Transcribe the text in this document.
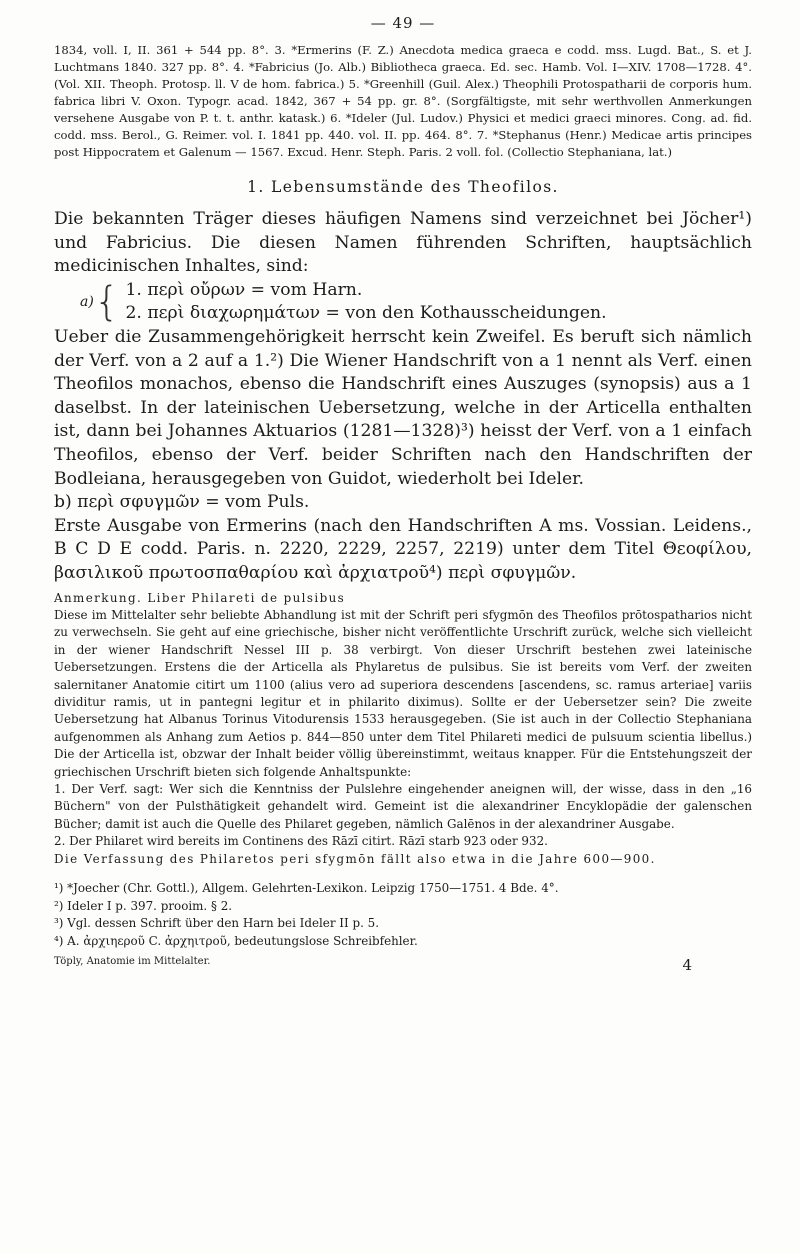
— 49 —

1834, voll. I, II. 361 + 544 pp. 8°. 3. *Ermerins (F. Z.) Anecdota medica graeca e codd. mss. Lugd. Bat., S. et J. Luchtmans 1840. 327 pp. 8°. 4. *Fabricius (Jo. Alb.) Bibliotheca graeca. Ed. sec. Hamb. Vol. I—XIV. 1708—1728. 4°. (Vol. XII. Theoph. Protosp. ll. V de hom. fabrica.) 5. *Greenhill (Guil. Alex.) Theophili Protospatharii de corporis hum. fabrica libri V. Oxon. Typogr. acad. 1842, 367 + 54 pp. gr. 8°. (Sorgfältigste, mit sehr werthvollen Anmerkungen versehene Ausgabe von P. t. t. anthr. katask.) 6. *Ideler (Jul. Ludov.) Physici et medici graeci minores. Cong. ad. fid. codd. mss. Berol., G. Reimer. vol. I. 1841 pp. 440. vol. II. pp. 464. 8°. 7. *Stephanus (Henr.) Medicae artis principes post Hippocratem et Galenum — 1567. Excud. Henr. Steph. Paris. 2 voll. fol. (Collectio Stephaniana, lat.)

1. Lebensumstände des Theofilos.

Die bekannten Träger dieses häufigen Namens sind verzeichnet bei Jöcher¹) und Fabricius. Die diesen Namen führenden Schriften, hauptsächlich medicinischen Inhaltes, sind:

a) { 1. περὶ οὔρων = vom Harn.
2. περὶ διαχωρημάτων = von den Kothausscheidungen.

Ueber die Zusammengehörigkeit herrscht kein Zweifel. Es beruft sich nämlich der Verf. von a 2 auf a 1.²) Die Wiener Handschrift von a 1 nennt als Verf. einen Theofilos monachos, ebenso die Handschrift eines Auszuges (synopsis) aus a 1 daselbst. In der lateinischen Uebersetzung, welche in der Articella enthalten ist, dann bei Johannes Aktuarios (1281—1328)³) heisst der Verf. von a 1 einfach Theofilos, ebenso der Verf. beider Schriften nach den Handschriften der Bodleiana, herausgegeben von Guidot, wiederholt bei Ideler.

b) περὶ σφυγμῶν = vom Puls.

Erste Ausgabe von Ermerins (nach den Handschriften A ms. Vossian. Leidens., B C D E codd. Paris. n. 2220, 2229, 2257, 2219) unter dem Titel Θεοφίλου, βασιλικοῦ πρωτοσπαθαρίου καὶ ἀρχιατροῦ⁴) περὶ σφυγμῶν.

Anmerkung. Liber Philareti de pulsibus

Diese im Mittelalter sehr beliebte Abhandlung ist mit der Schrift peri sfygmōn des Theofilos prōtospatharios nicht zu verwechseln. Sie geht auf eine griechische, bisher nicht veröffentlichte Urschrift zurück, welche sich vielleicht in der wiener Handschrift Nessel III p. 38 verbirgt. Von dieser Urschrift bestehen zwei lateinische Uebersetzungen. Erstens die der Articella als Phylaretus de pulsibus. Sie ist bereits vom Verf. der zweiten salernitaner Anatomie citirt um 1100 (alius vero ad superiora descendens [ascendens, sc. ramus arteriae] variis dividitur ramis, ut in pantegni legitur et in philarito diximus). Sollte er der Uebersetzer sein? Die zweite Uebersetzung hat Albanus Torinus Vitodurensis 1533 herausgegeben. (Sie ist auch in der Collectio Stephaniana aufgenommen als Anhang zum Aetios p. 844—850 unter dem Titel Philareti medici de pulsuum scientia libellus.) Die der Articella ist, obzwar der Inhalt beider völlig übereinstimmt, weitaus knapper. Für die Entstehungszeit der griechischen Urschrift bieten sich folgende Anhaltspunkte:

1. Der Verf. sagt: Wer sich die Kenntniss der Pulslehre eingehender aneignen will, der wisse, dass in den „16 Büchern" von der Pulsthätigkeit gehandelt wird. Gemeint ist die alexandriner Encyklopädie der galenschen Bücher; damit ist auch die Quelle des Philaret gegeben, nämlich Galēnos in der alexandriner Ausgabe.

2. Der Philaret wird bereits im Continens des Rāzī citirt. Rāzī starb 923 oder 932.

Die Verfassung des Philaretos peri sfygmōn fällt also etwa in die Jahre 600—900.

¹) *Joecher (Chr. Gottl.), Allgem. Gelehrten-Lexikon. Leipzig 1750—1751. 4 Bde. 4°.

²) Ideler I p. 397. prooim. § 2.

³) Vgl. dessen Schrift über den Harn bei Ideler II p. 5.

⁴) A. ἀρχιηεροῦ C. ἀρχηιτροῦ, bedeutungslose Schreibfehler.

Töply, Anatomie im Mittelalter.	4
